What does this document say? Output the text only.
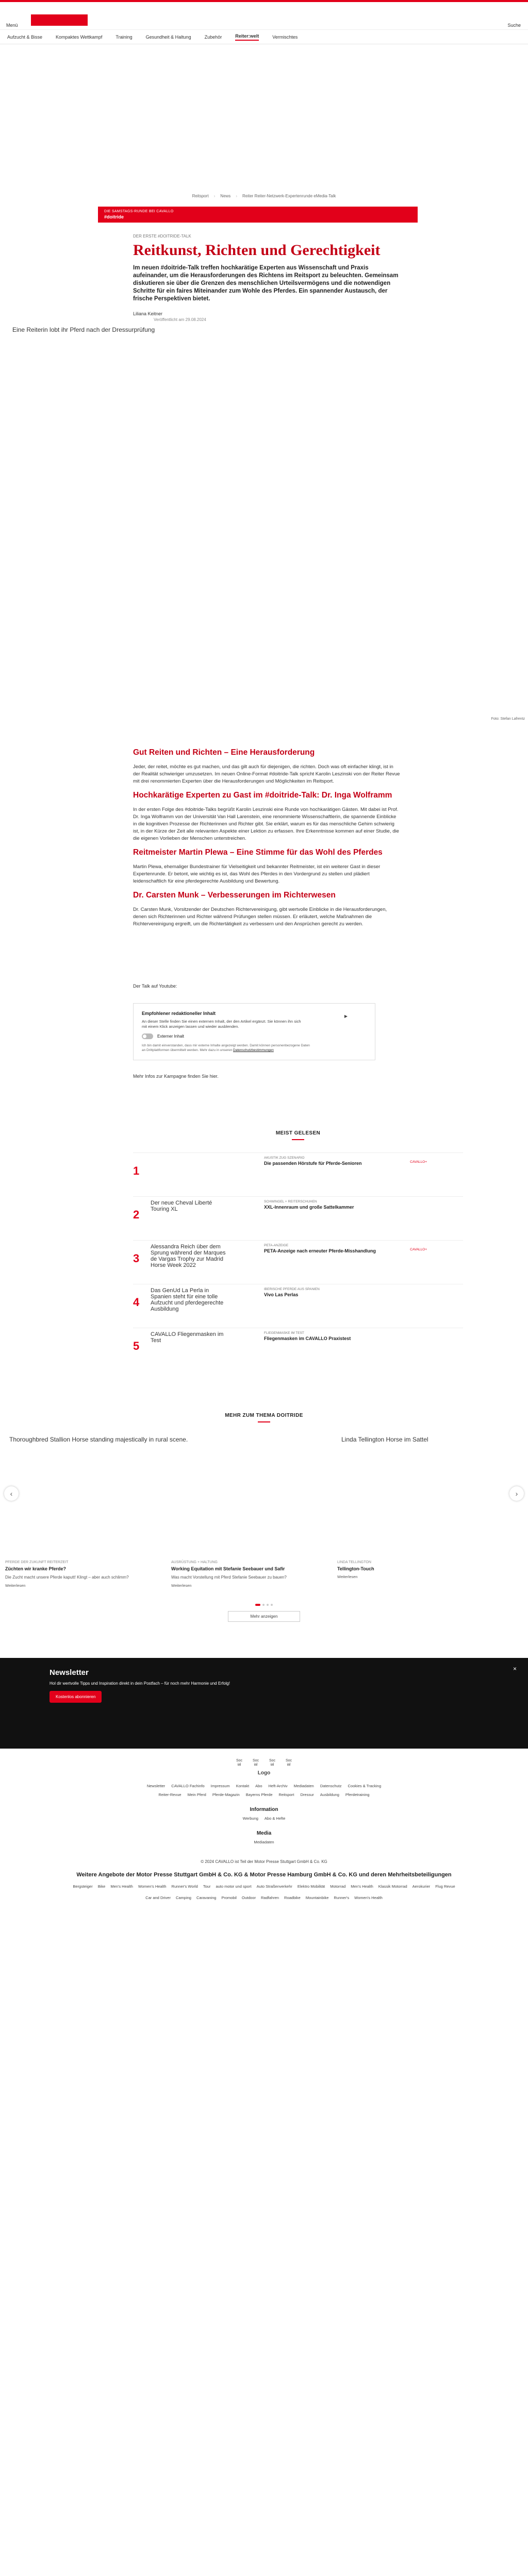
Menü	Suche
Aufzucht & Bisse	Kompaktes Wettkampf	Training	Gesundheit & Haltung	Zubehör	Reiter:welt	Vermischtes
Reitsport › News › Reiter Reiter-Netzwerk-Expertenrunde eMedia-Talk
DIE SAMSTAGS-RUNDE BEI CAVALLO
#doitride
DER ERSTE #DOITRIDE-TALK
Reitkunst, Richten und Gerechtigkeit

Im neuen #doitride-Talk treffen hochkarätige Experten aus Wissenschaft und Praxis aufeinander, um die Herausforderungen des Richtens im Reitsport zu beleuchten. Gemeinsam diskutieren sie über die Grenzen des menschlichen Urteilsvermögens und die notwendigen Schritte für ein faires Miteinander zum Wohle des Pferdes. Ein spannender Austausch, der frische Perspektiven bietet.

Liliana Keitner
Veröffentlicht am 29.08.2024
Eine Reiterin lobt ihr Pferd nach der Dressurprüfung
Foto: Stefan Lafrentz
Gut Reiten und Richten – Eine Herausforderung

Jeder, der reitet, möchte es gut machen, und das gilt auch für diejenigen, die richten. Doch was oft einfacher klingt, ist in der Realität schwieriger umzusetzen. Im neuen Online-Format #doitride-Talk spricht Karolin Leszinski von der Reiter Revue mit drei renommierten Experten über die Herausforderungen und Möglichkeiten im Reitsport.

Hochkarätige Experten zu Gast im #doitride-Talk: Dr. Inga Wolframm

In der ersten Folge des #doitride-Talks begrüßt Karolin Leszinski eine Runde von hochkarätigen Gästen. Mit dabei ist Prof. Dr. Inga Wolframm von der Universität Van Hall Larenstein, eine renommierte Wissenschaftlerin, die spannende Einblicke in die kognitiven Prozesse der Richterinnen und Richter gibt. Sie erklärt, warum es für das menschliche Gehirn schwierig ist, in der Kürze der Zeit alle relevanten Aspekte einer Lektion zu erfassen. Ihre Erkenntnisse kommen auf einer Studie, die die eigenen Vorlieben der Menschen unterstreichen.

Reitmeister Martin Plewa – Eine Stimme für das Wohl des Pferdes

Martin Plewa, ehemaliger Bundestrainer für Vielseitigkeit und bekannter Reitmeister, ist ein weiterer Gast in dieser Expertenrunde. Er betont, wie wichtig es ist, das Wohl des Pferdes in den Vordergrund zu stellen und plädiert leidenschaftlich für eine pferdegerechte Ausbildung und Bewertung.

Dr. Carsten Munk – Verbesserungen im Richterwesen

Dr. Carsten Munk, Vorsitzender der Deutschen Richtervereinigung, gibt wertvolle Einblicke in die Herausforderungen, denen sich Richterinnen und Richter während Prüfungen stellen müssen. Er erläutert, welche Maßnahmen die Richtervereinigung ergreift, um die Richtertätigkeit zu verbessern und den Ansprüchen gerecht zu werden.

Der Talk auf Youtube:
Empfohlener redaktioneller Inhalt
An dieser Stelle finden Sie einen externen Inhalt, der den Artikel ergänzt. Sie können ihn sich mit einem Klick anzeigen lassen und wieder ausblenden.
Externer Inhalt
Ich bin damit einverstanden, dass mir externe Inhalte angezeigt werden. Damit können personenbezogene Daten an Drittplattformen übermittelt werden. Mehr dazu in unseren Datenschutzbestimmungen
▶
Mehr Infos zur Kampagne finden Sie hier.
MEIST GELESEN
1
AKUSTIK ZUG SZENARIO
Die passenden Hörstufe für Pferde-Senioren	CAVALLO+
2
Der neue Cheval Liberté Touring XL
SCHWINGEL + REITERSCHUHEN
XXL-Innenraum und große Sattelkammer
3
Alessandra Reich über dem Sprung während der Marques de Vargas Trophy zur Madrid Horse Week 2022
PETA-ANZEIGE
PETA-Anzeige nach erneuter Pferde-Misshandlung	CAVALLO+
4
Das GenUd La Perla in Spanien steht für eine tolle Aufzucht und pferdegerechte Ausbildung
IBERISCHE PFERDE AUS SPANIEN
Vivo Las Perlas
5
CAVALLO Fliegenmasken im Test
FLIEGENMASKE IM TEST
Fliegenmasken im CAVALLO Praxistest
MEHR ZUM THEMA DOITRIDE
Linda Tellington Horse im Sattel
LINDA TELLINGTON
Tellington-Touch
Weiterlesen
AUSRÜSTUNG + HALTUNG
Working Equitation mit Stefanie Seebauer und Safir
Was macht Vorstellung mit Pferd Stefanie Seebauer zu bauen?
Weiterlesen
Thoroughbred Stallion Horse standing majestically in rural scene.
PFERDE DER ZUKUNFT REITERZEIT
Züchten wir kranke Pferde?
Die Zucht macht unsere Pferde kaputt! Klingt – aber auch schlimm?
Weiterlesen
‹	›
Mehr anzeigen
Newsletter

Hol dir wertvolle Tipps und Inspiration direkt in dein Postfach – für noch mehr Harmonie und Erfolg!

Kostenlos abonnieren
×
Soc ial
Soc ial
Soc ial
Soc ial
Logo
Newsletter CAVALLO Fachinfo Impressum Kontakt Abo Heft-Archiv Mediadaten Datenschutz Cookies & Tracking
Reiter-Revue Mein Pferd Pferde-Magazin Bayerns Pferde Reitsport Dressur Ausbildung Pferdetraining
Information
Werbung Abo & Hefte
Media
Mediadaten
© 2024 CAVALLO ist Teil der Motor Presse Stuttgart GmbH & Co. KG
Weitere Angebote der Motor Presse Stuttgart GmbH & Co. KG & Motor Presse Hamburg GmbH & Co. KG und deren Mehrheitsbeteiligungen
Bergsteiger Bike Men's Health Women's Health Runner's World Tour auto motor und sport Auto Straßenverkehr Elektro Mobilität Motorrad Men's Health Klassik Motorrad Aerokurier Flug Revue
Car and Driver Camping Caravaning Promobil Outdoor Radfahren Roadbike Mountainbike Runner's Women's Health
